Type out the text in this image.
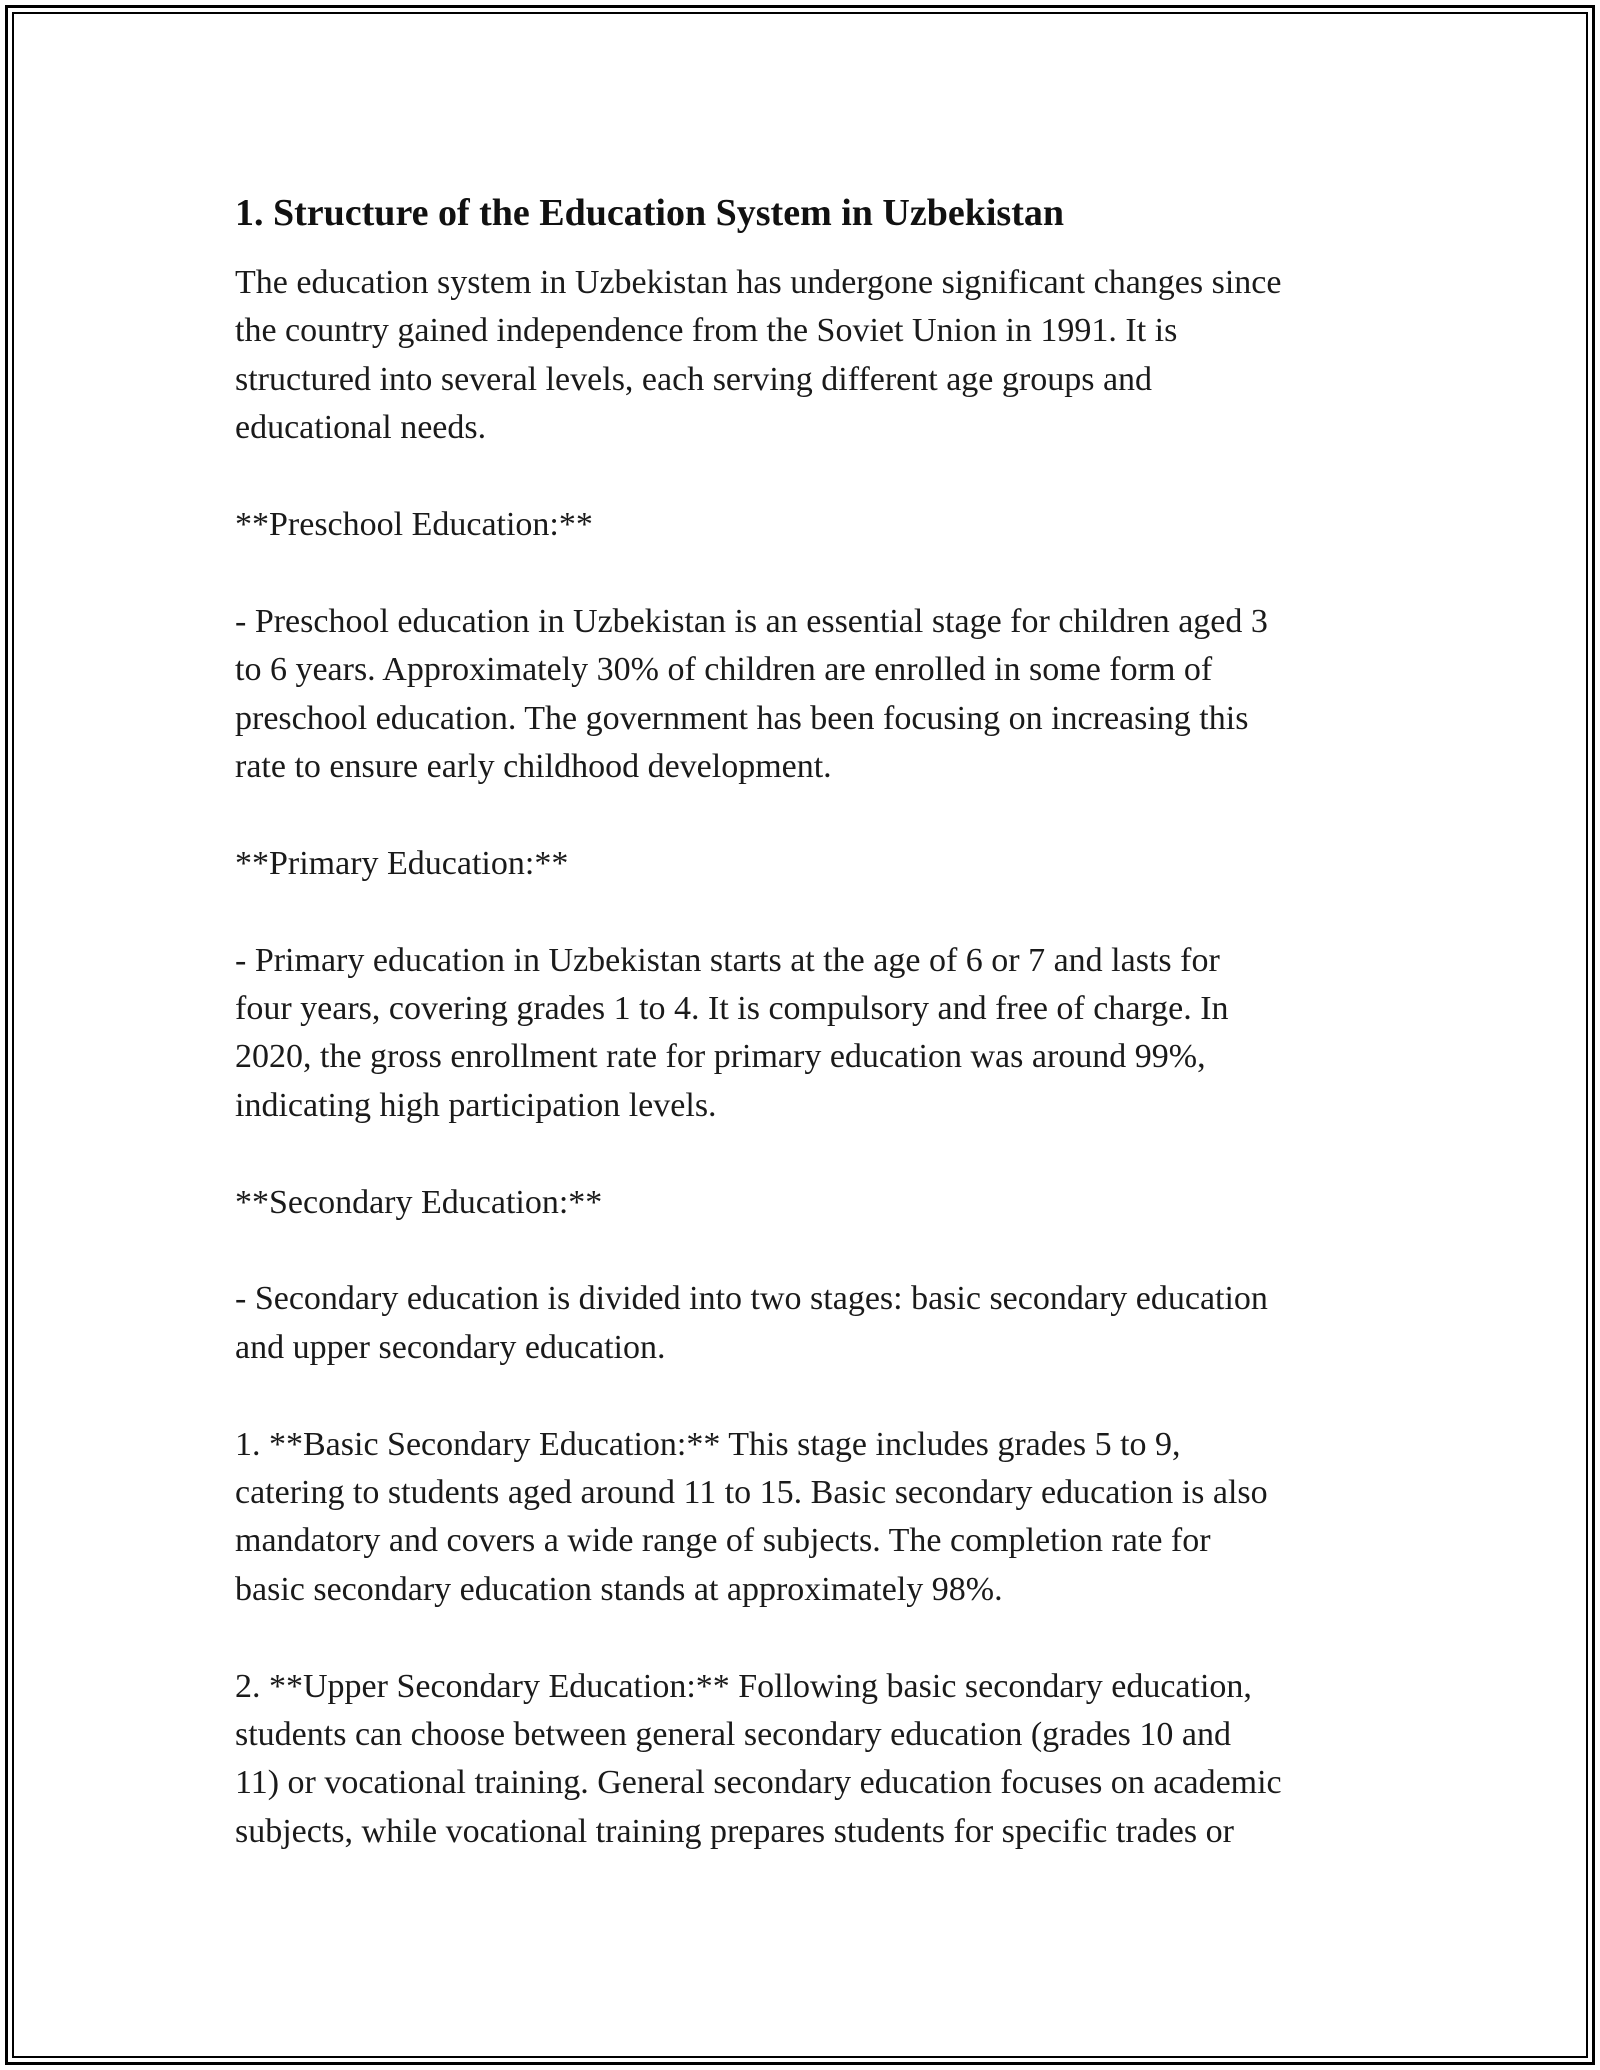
1. Structure of the Education System in Uzbekistan

The education system in Uzbekistan has undergone significant changes since
the country gained independence from the Soviet Union in 1991. It is
structured into several levels, each serving different age groups and
educational needs.

**Preschool Education:**

- Preschool education in Uzbekistan is an essential stage for children aged 3
to 6 years. Approximately 30% of children are enrolled in some form of
preschool education. The government has been focusing on increasing this
rate to ensure early childhood development.

**Primary Education:**

- Primary education in Uzbekistan starts at the age of 6 or 7 and lasts for
four years, covering grades 1 to 4. It is compulsory and free of charge. In
2020, the gross enrollment rate for primary education was around 99%,
indicating high participation levels.

**Secondary Education:**

- Secondary education is divided into two stages: basic secondary education
and upper secondary education.

1. **Basic Secondary Education:** This stage includes grades 5 to 9,
catering to students aged around 11 to 15. Basic secondary education is also
mandatory and covers a wide range of subjects. The completion rate for
basic secondary education stands at approximately 98%.

2. **Upper Secondary Education:** Following basic secondary education,
students can choose between general secondary education (grades 10 and
11) or vocational training. General secondary education focuses on academic
subjects, while vocational training prepares students for specific trades or
